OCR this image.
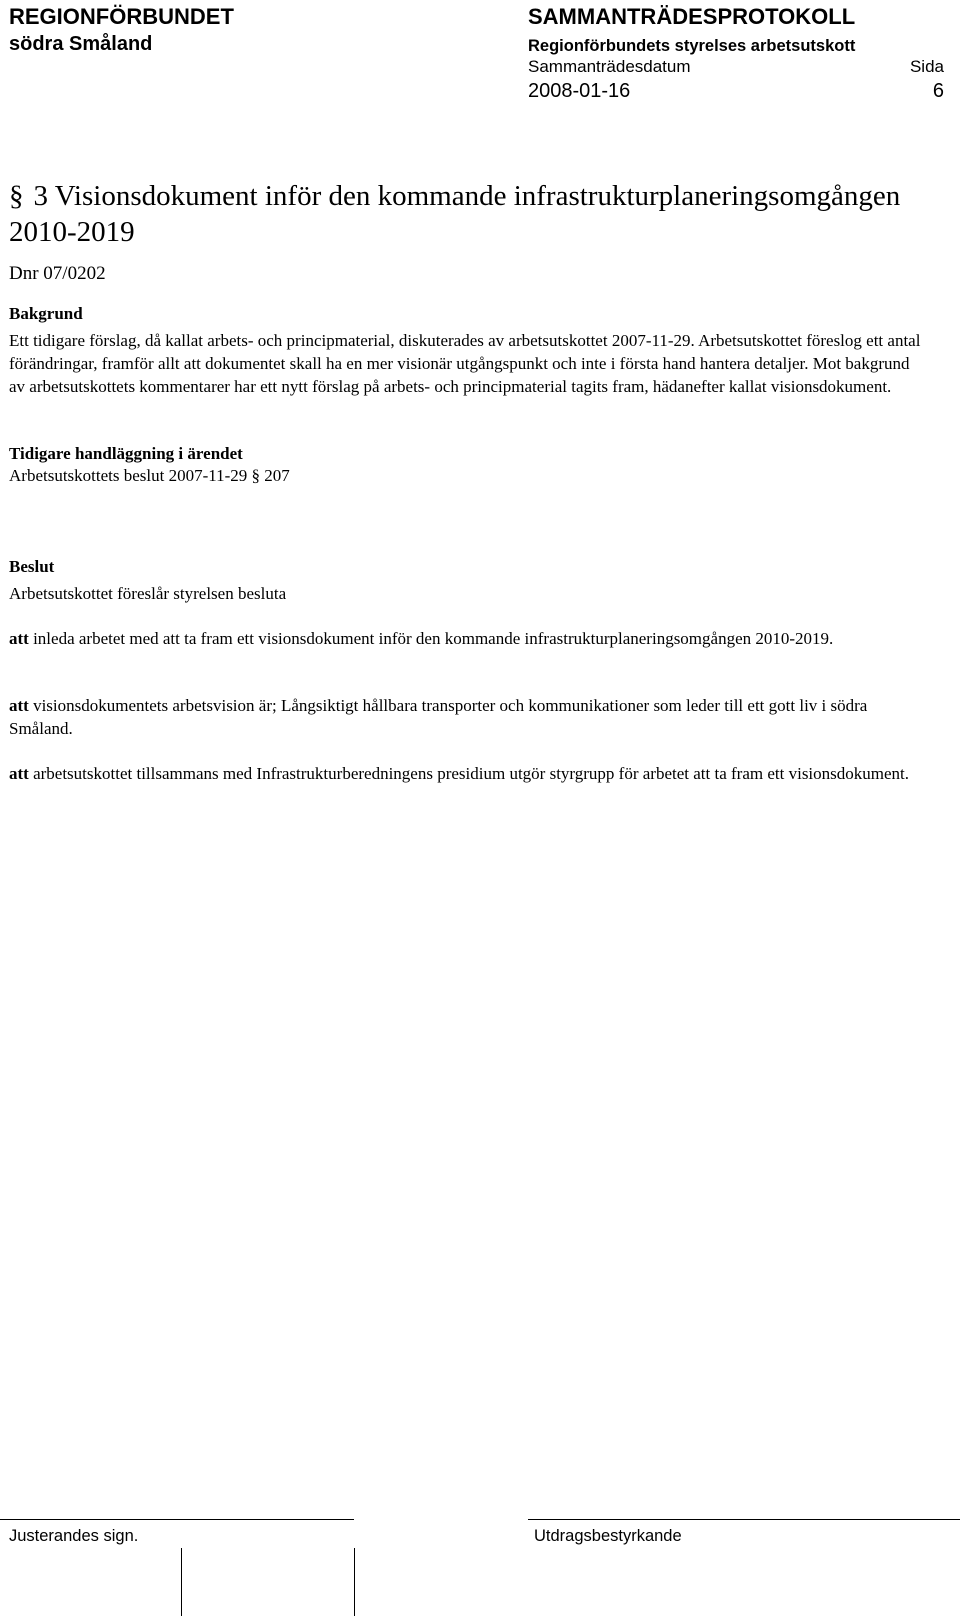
REGIONFÖRBUNDET
södra Småland
SAMMANTRÄDESPROTOKOLL
Regionförbundets styrelses arbetsutskott
Sammanträdesdatum	Sida
2008-01-16	6
§ 3 Visionsdokument inför den kommande infrastrukturplaneringsomgången 2010-2019
Dnr 07/0202
Bakgrund
Ett tidigare förslag, då kallat arbets- och principmaterial, diskuterades av arbetsutskottet 2007-11-29. Arbetsutskottet föreslog ett antal förändringar, framför allt att dokumentet skall ha en mer visionär utgångspunkt och inte i första hand hantera detaljer. Mot bakgrund av arbetsutskottets kommentarer har ett nytt förslag på arbets- och principmaterial tagits fram, hädanefter kallat visionsdokument.
Tidigare handläggning i ärendet
Arbetsutskottets beslut 2007-11-29 § 207
Beslut
Arbetsutskottet föreslår styrelsen besluta
att inleda arbetet med att ta fram ett visionsdokument inför den kommande infrastrukturplaneringsomgången 2010-2019.
att visionsdokumentets arbetsvision är; Långsiktigt hållbara transporter och kommunikationer som leder till ett gott liv i södra Småland.
att arbetsutskottet tillsammans med Infrastrukturberedningens presidium utgör styrgrupp för arbetet att ta fram ett visionsdokument.
Justerandes sign.	Utdragsbestyrkande
